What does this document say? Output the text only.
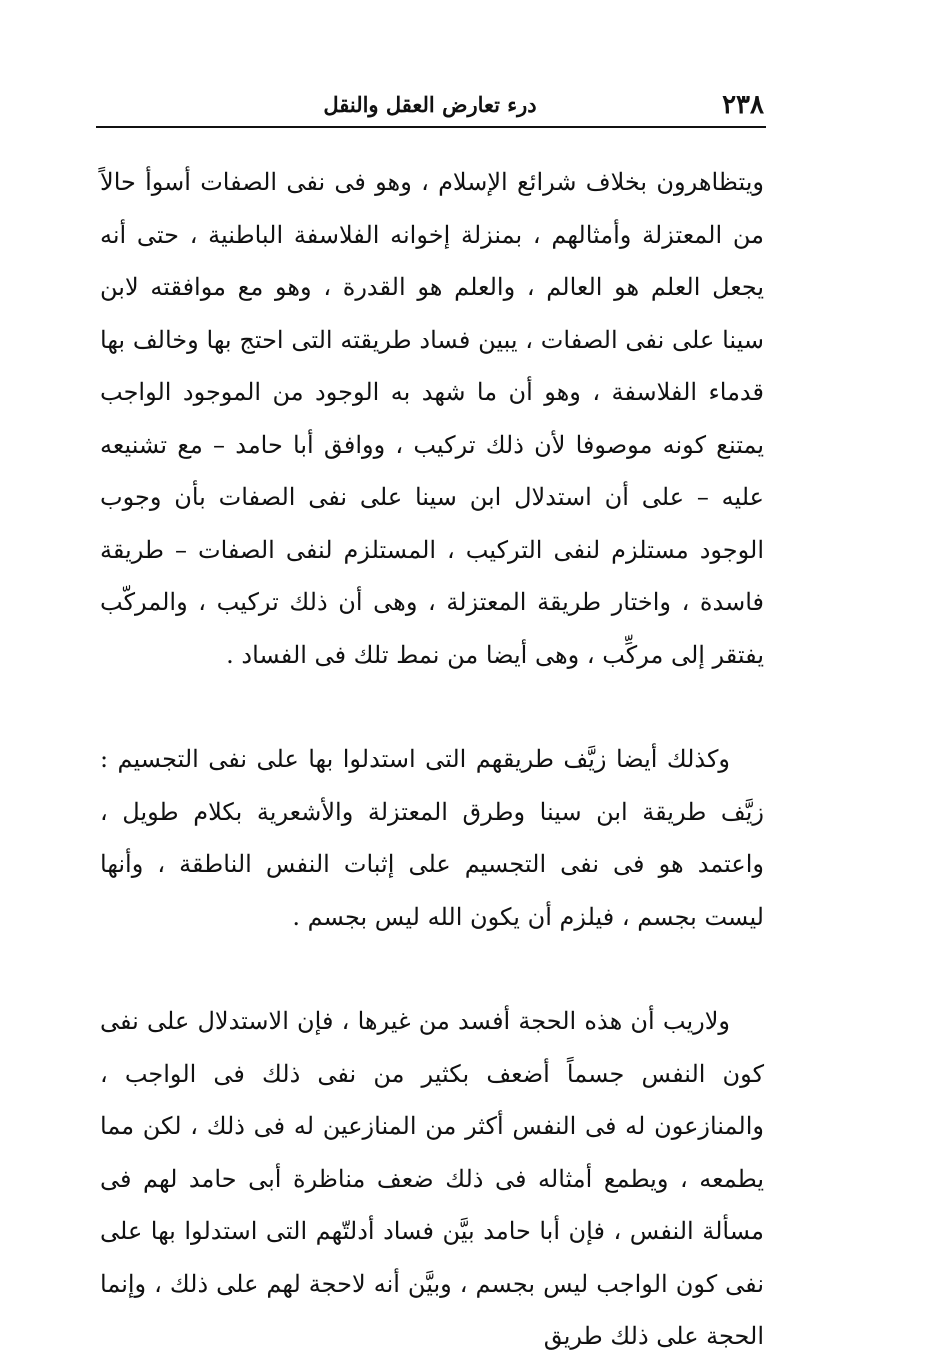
٢٣٨
درء تعارض العقل والنقل

ويتظاهرون بخلاف شرائع الإسلام ، وهو فى نفى الصفات أسوأ حالاً من المعتزلة وأمثالهم ، بمنزلة إخوانه الفلاسفة الباطنية ، حتى أنه يجعل العلم هو العالم ، والعلم هو القدرة ، وهو مع موافقته لابن سينا على نفى الصفات ، يبين فساد طريقته التى احتج بها وخالف بها قدماء الفلاسفة ، وهو أن ما شهد به الوجود من الموجود الواجب يمتنع كونه موصوفا لأن ذلك تركيب ، ووافق أبا حامد – مع تشنيعه عليه – على أن استدلال ابن سينا على نفى الصفات بأن وجوب الوجود مستلزم لنفى التركيب ، المستلزم لنفى الصفات – طريقة فاسدة ، واختار طريقة المعتزلة ، وهى أن ذلك تركيب ، والمركّب يفتقر إلى مركِّب ، وهى أيضا من نمط تلك فى الفساد .

وكذلك أيضا زيَّف طريقهم التى استدلوا بها على نفى التجسيم : زيَّف طريقة ابن سينا وطرق المعتزلة والأشعرية بكلام طويل ، واعتمد هو فى نفى التجسيم على إثبات النفس الناطقة ، وأنها ليست بجسم ، فيلزم أن يكون الله ليس بجسم .

ولاريب أن هذه الحجة أفسد من غيرها ، فإن الاستدلال على نفى كون النفس جسماً أضعف بكثير من نفى ذلك فى الواجب ، والمنازعون له فى النفس أكثر من المنازعين له فى ذلك ، لكن مما يطمعه ، ويطمع أمثاله فى ذلك ضعف مناظرة أبى حامد لهم فى مسألة النفس ، فإن أبا حامد بيَّن فساد أدلتّهم التى استدلوا بها على نفى كون الواجب ليس بجسم ، وبيَّن أنه لاحجة لهم على ذلك ، وإنما الحجة على ذلك طريق
